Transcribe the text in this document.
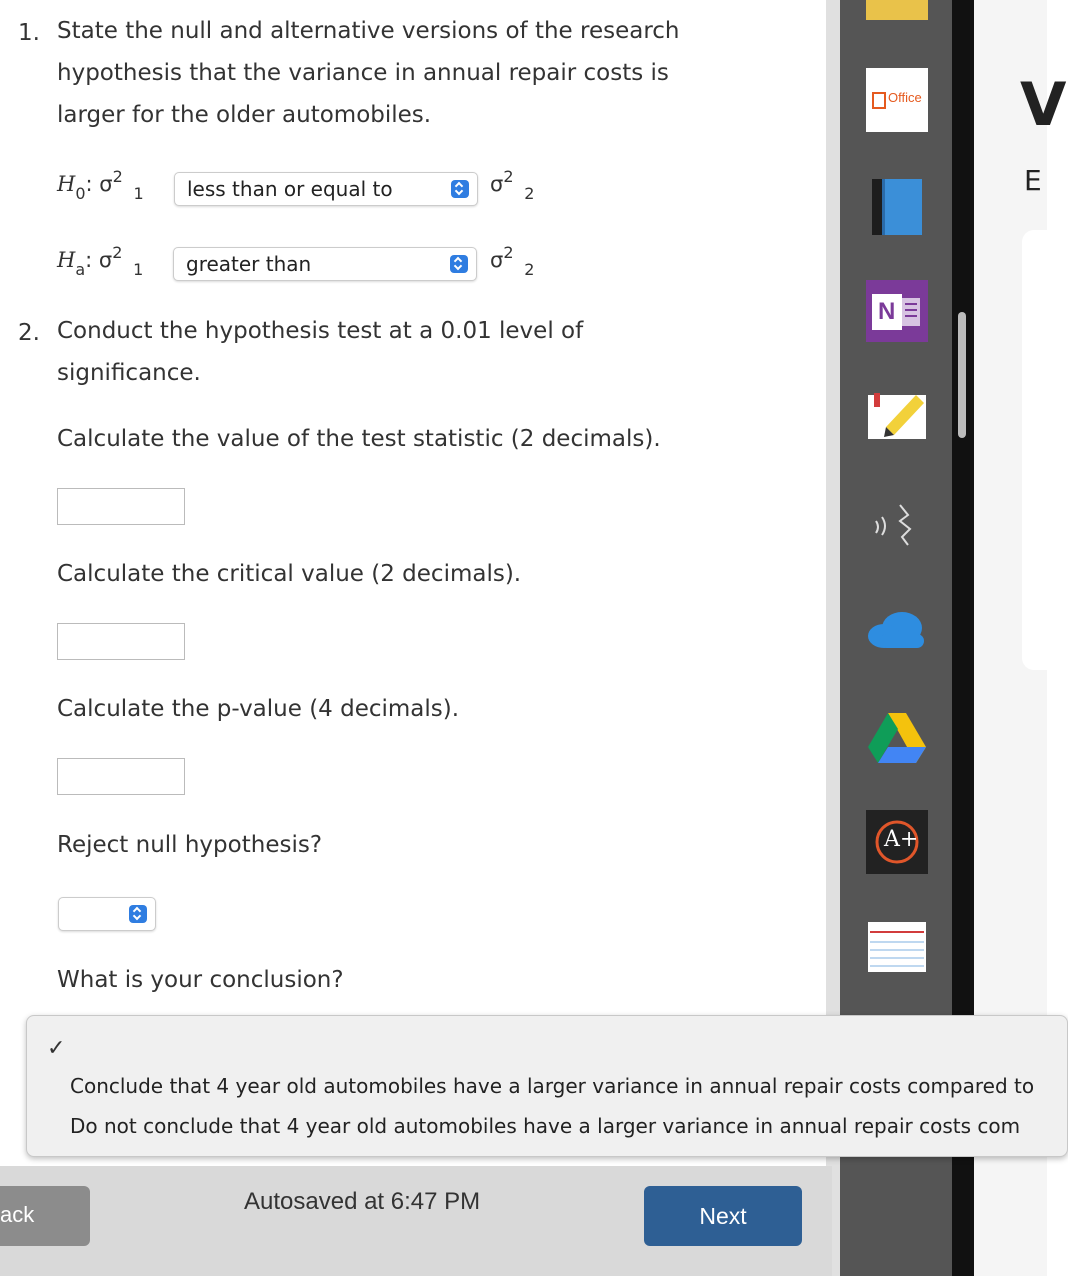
1. State the null and alternative versions of the research
hypothesis that the variance in annual repair costs is
larger for the older automobiles.
$H_0$: $\sigma^2$ $_1$ less than or equal to	$\sigma^2$ $_2$
$H_a$: $\sigma^2$ $_1$ greater than	$\sigma^2$ $_2$
2. Conduct the hypothesis test at a 0.01 level of
significance.
Calculate the value of the test statistic (2 decimals).
Calculate the critical value (2 decimals).
Calculate the p-value (4 decimals).
Reject null hypothesis?
What is your conclusion?
V
E
Office
N
A+
✓
Conclude that 4 year old automobiles have a larger variance in annual repair costs compared to
Do not conclude that 4 year old automobiles have a larger variance in annual repair costs com
ack	Autosaved at 6:47 PM
Next
